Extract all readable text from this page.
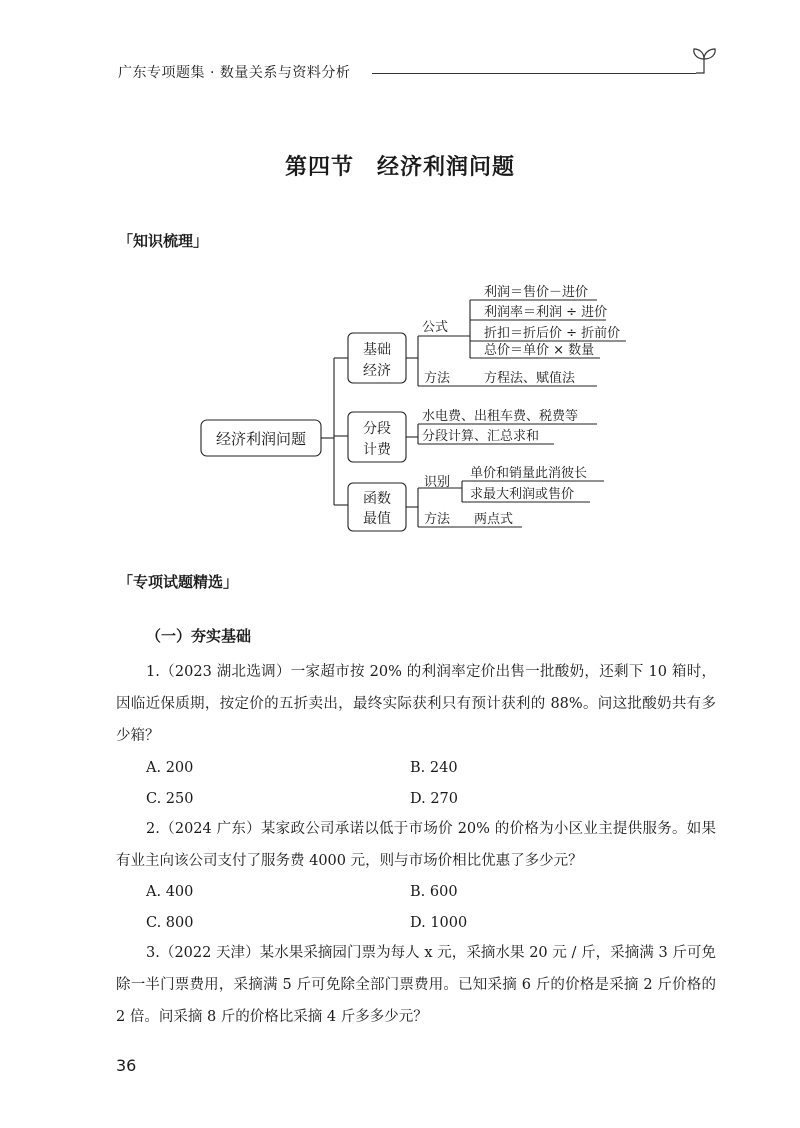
广东专项题集 · 数量关系与资料分析
第四节　经济利润问题
「知识梳理」
经济利润问题
基础
经济
公式
利润＝售价－进价
利润率＝利润 ÷ 进价
折扣＝折后价 ÷ 折前价
总价＝单价 × 数量
方法	方程法、赋值法
分段
计费
水电费、出租车费、税费等
分段计算、汇总求和
函数
最值
识别
单价和销量此消彼长
求最大利润或售价
方法 两点式
「专项试题精选」
（一）夯实基础

1.（2023 湖北选调）一家超市按 20% 的利润率定价出售一批酸奶，还剩下 10 箱时，因临近保质期，按定价的五折卖出，最终实际获利只有预计获利的 88%。问这批酸奶共有多少箱？

A. 200	B. 240
C. 250	D. 270

2.（2024 广东）某家政公司承诺以低于市场价 20% 的价格为小区业主提供服务。如果有业主向该公司支付了服务费 4000 元，则与市场价相比优惠了多少元？

A. 400	B. 600
C. 800	D. 1000

3.（2022 天津）某水果采摘园门票为每人 x 元，采摘水果 20 元 / 斤，采摘满 3 斤可免除一半门票费用，采摘满 5 斤可免除全部门票费用。已知采摘 6 斤的价格是采摘 2 斤价格的 2 倍。问采摘 8 斤的价格比采摘 4 斤多多少元？

36
